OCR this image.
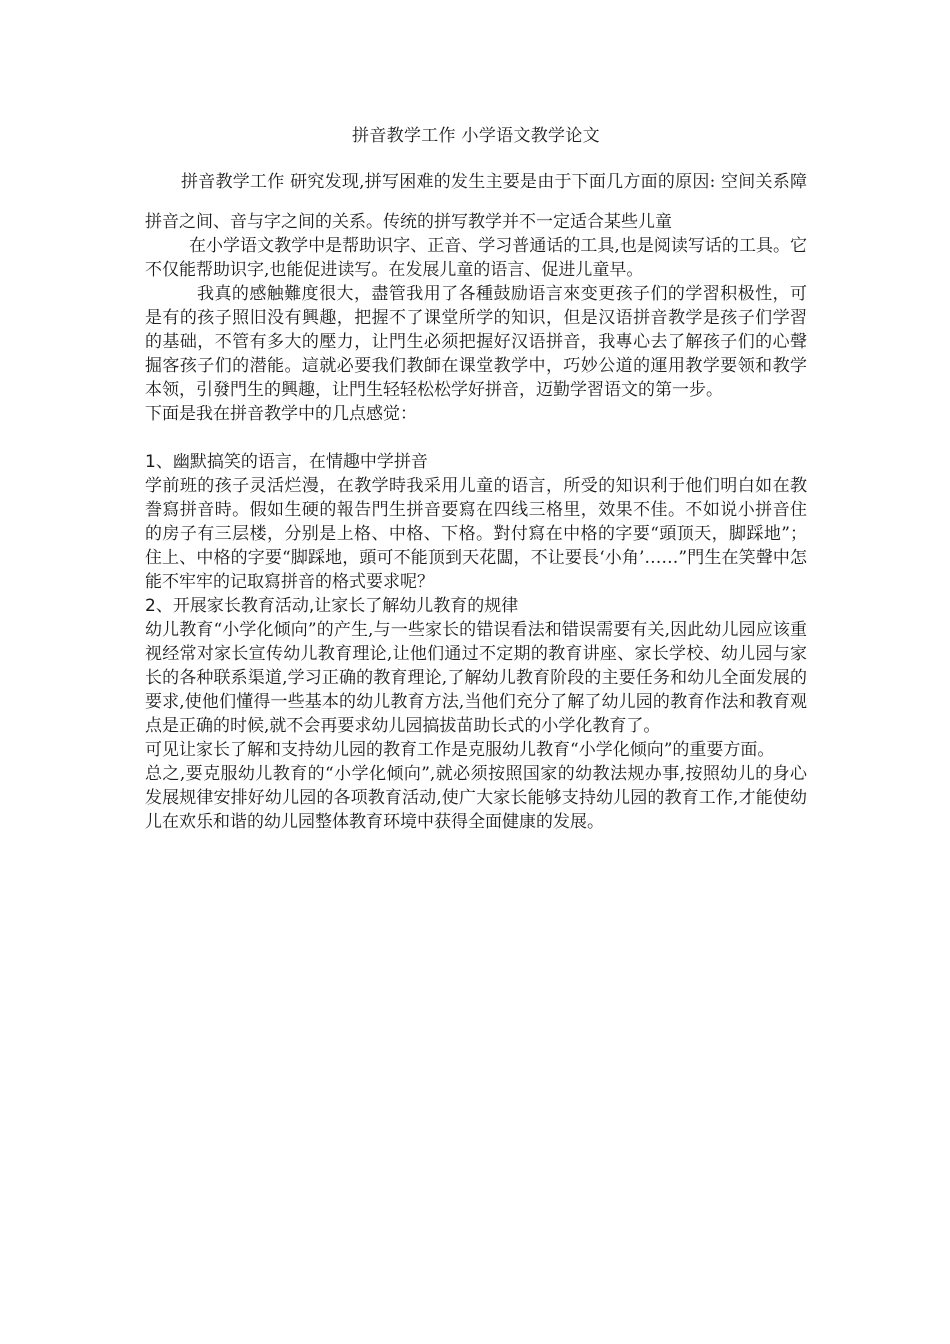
拼音教学工作 小学语文教学论文

拼音教学工作 研究发现,拼写困难的发生主要是由于下面几方面的原因: 空间关系障拼音之间、音与字之间的关系。传统的拼写教学并不一定适合某些儿童

在小学语文教学中是帮助识字、正音、学习普通话的工具,也是阅读写话的工具。它不仅能帮助识字,也能促进读写。在发展儿童的语言、促进儿童早。

我真的感触難度很大，盡管我用了各種鼓励语言來变更孩子们的学習积极性，可是有的孩子照旧没有興趣，把握不了课堂所学的知识，但是汉语拼音教学是孩子们学習的基础，不管有多大的壓力，让門生必须把握好汉语拼音，我專心去了解孩子们的心聲掘客孩子们的潜能。這就必要我们教師在课堂教学中，巧妙公道的運用教学要领和教学本领，引發門生的興趣，让門生轻轻松松学好拼音，迈勤学習语文的第一步。

下面是我在拼音教学中的几点感觉：

1、幽默搞笑的语言，在情趣中学拼音

学前班的孩子灵活烂漫，在教学時我采用儿童的语言，所受的知识利于他们明白如在教誊寫拼音時。假如生硬的報告門生拼音要寫在四线三格里，效果不佳。不如说小拼音住的房子有三层楼，分别是上格、中格、下格。對付寫在中格的字要“頭顶天，脚踩地”；住上、中格的字要“脚踩地，頭可不能顶到天花闆，不让要長‘小角’……”門生在笑聲中怎能不牢牢的记取寫拼音的格式要求呢？

2、开展家长教育活动,让家长了解幼儿教育的规律

幼儿教育“小学化倾向”的产生,与一些家长的错误看法和错误需要有关,因此幼儿园应该重视经常对家长宣传幼儿教育理论,让他们通过不定期的教育讲座、家长学校、幼儿园与家长的各种联系渠道,学习正确的教育理论,了解幼儿教育阶段的主要任务和幼儿全面发展的要求,使他们懂得一些基本的幼儿教育方法,当他们充分了解了幼儿园的教育作法和教育观点是正确的时候,就不会再要求幼儿园搞拔苗助长式的小学化教育了。

可见让家长了解和支持幼儿园的教育工作是克服幼儿教育“小学化倾向”的重要方面。

总之,要克服幼儿教育的“小学化倾向”,就必须按照国家的幼教法规办事,按照幼儿的身心发展规律安排好幼儿园的各项教育活动,使广大家长能够支持幼儿园的教育工作,才能使幼儿在欢乐和谐的幼儿园整体教育环境中获得全面健康的发展。
